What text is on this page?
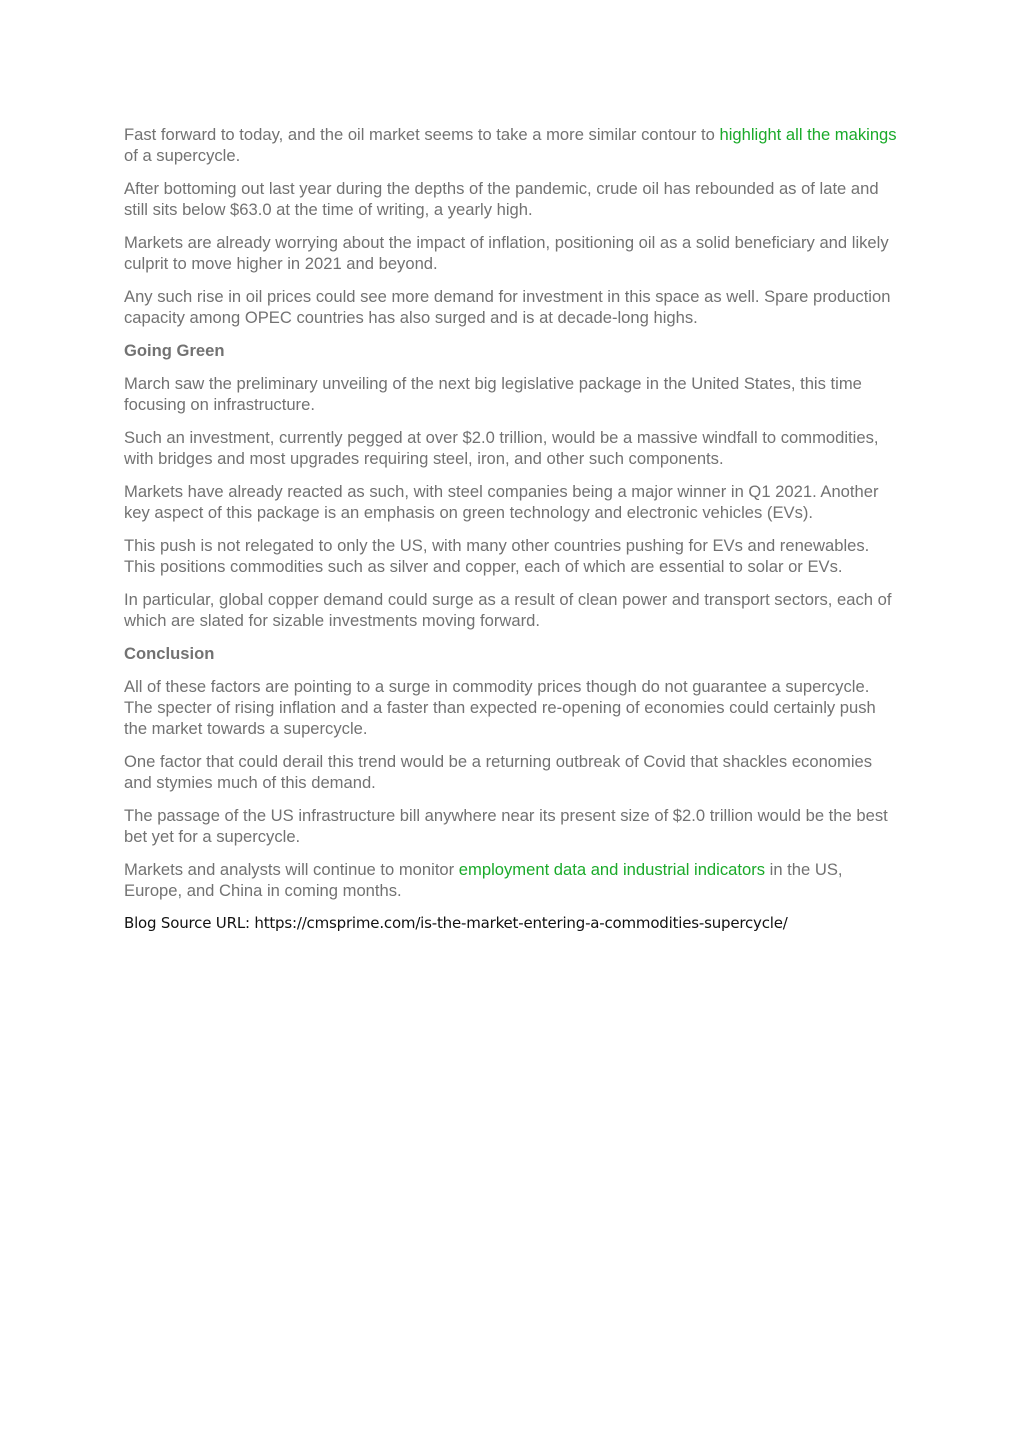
Fast forward to today, and the oil market seems to take a more similar contour to highlight all the makings of a supercycle.

After bottoming out last year during the depths of the pandemic, crude oil has rebounded as of late and still sits below $63.0 at the time of writing, a yearly high.

Markets are already worrying about the impact of inflation, positioning oil as a solid beneficiary and likely culprit to move higher in 2021 and beyond.

Any such rise in oil prices could see more demand for investment in this space as well. Spare production capacity among OPEC countries has also surged and is at decade-long highs.

Going Green

March saw the preliminary unveiling of the next big legislative package in the United States, this time focusing on infrastructure.

Such an investment, currently pegged at over $2.0 trillion, would be a massive windfall to commodities, with bridges and most upgrades requiring steel, iron, and other such components.

Markets have already reacted as such, with steel companies being a major winner in Q1 2021. Another key aspect of this package is an emphasis on green technology and electronic vehicles (EVs).

This push is not relegated to only the US, with many other countries pushing for EVs and renewables. This positions commodities such as silver and copper, each of which are essential to solar or EVs.

In particular, global copper demand could surge as a result of clean power and transport sectors, each of which are slated for sizable investments moving forward.

Conclusion

All of these factors are pointing to a surge in commodity prices though do not guarantee a supercycle. The specter of rising inflation and a faster than expected re-opening of economies could certainly push the market towards a supercycle.

One factor that could derail this trend would be a returning outbreak of Covid that shackles economies and stymies much of this demand.

The passage of the US infrastructure bill anywhere near its present size of $2.0 trillion would be the best bet yet for a supercycle.

Markets and analysts will continue to monitor employment data and industrial indicators in the US, Europe, and China in coming months.

Blog Source URL: https://cmsprime.com/is-the-market-entering-a-commodities-supercycle/
